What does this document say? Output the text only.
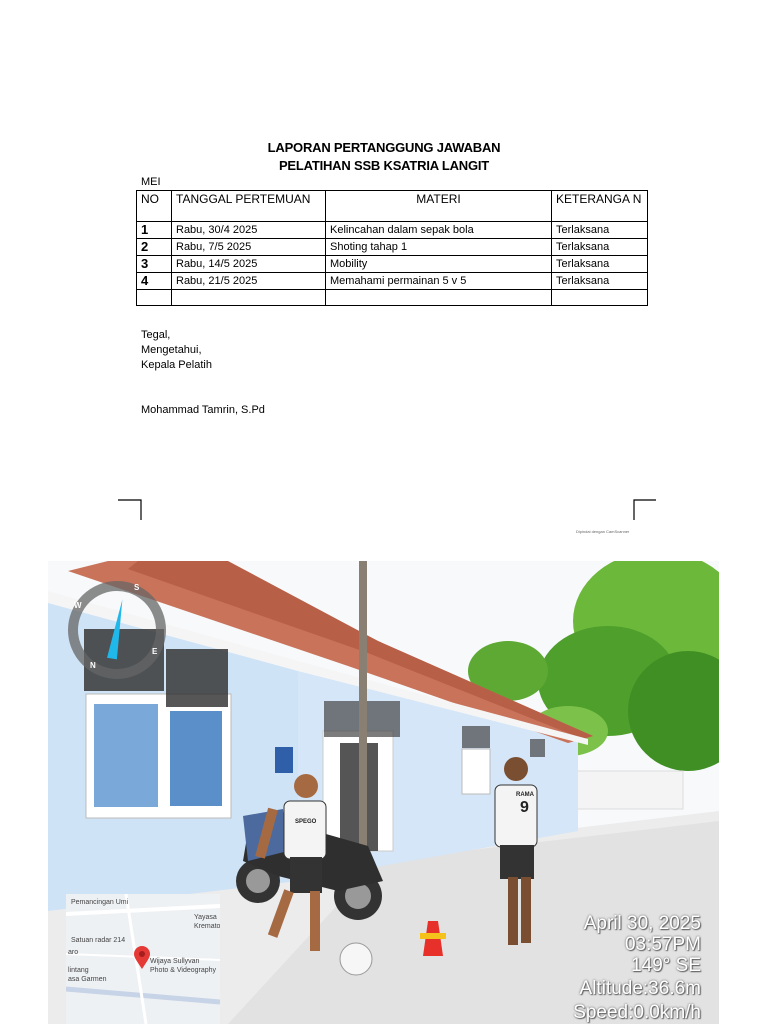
LAPORAN PERTANGGUNG JAWABAN
PELATIHAN SSB KSATRIA LANGIT
MEI
NO	TANGGAL PERTEMUAN	MATERI	KETERANGA N
1	Rabu, 30/4 2025	Kelincahan dalam sepak bola	Terlaksana
2	Rabu, 7/5 2025	Shoting tahap 1	Terlaksana
3	Rabu, 14/5 2025	Mobility	Terlaksana
4	Rabu, 21/5 2025	Memahami permainan 5 v 5	Terlaksana

Tegal,
Mengetahui,
Kepala Pelatih
Mohammad Tamrin, S.Pd
Dipindai dengan CamScanner
9
RAMA
SPEGO
S
W
N
E
Pemancingan Umi
Yayasa
Kremato
Satuan radar 214
aro
Wijaya Sullyvan
Photo & Videography
lintang
asa Garmen
April 30, 2025
03:57PM
149° SE
Altitude:36.6m
Speed:0.0km/h
